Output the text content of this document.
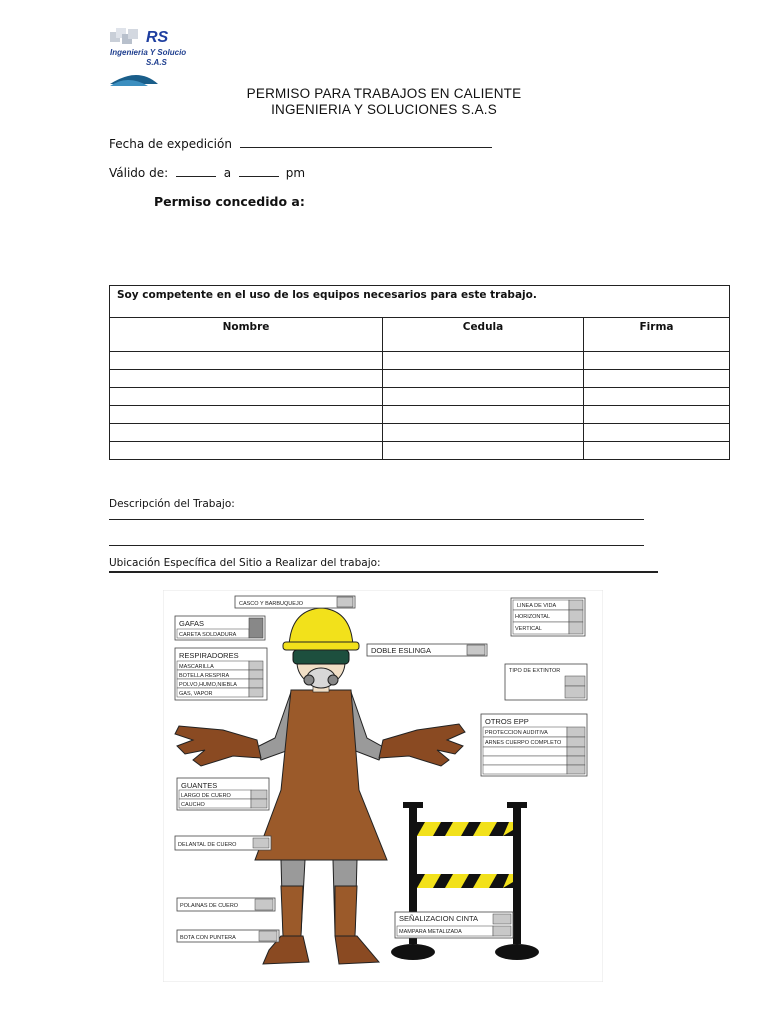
RS
Ingenieria Y Solucio
S.A.S
PERMISO PARA TRABAJOS EN CALIENTE
INGENIERIA Y SOLUCIONES S.A.S
Fecha de expedición
Válido de:	a	pm
Permiso concedido a:
Soy competente en el uso de los equipos necesarios para este trabajo.		
Nombre	Cedula	Firma

Descripción del Trabajo:
Ubicación Específica del Sitio a Realizar del trabajo:
CASCO Y BARBUQUEJO
GAFAS
CARETA SOLDADURA
RESPIRADORES
MASCARILLA
BOTELLA RESPIRA
POLVO,HUMO,NIEBLA
GAS, VAPOR
DOBLE ESLINGA
LINEA DE VIDA
HORIZONTAL
VERTICAL
TIPO DE EXTINTOR
OTROS EPP
PROTECCION AUDITIVA
ARNES CUERPO COMPLETO
GUANTES
LARGO DE CUERO
CAUCHO
DELANTAL DE CUERO
POLAINAS DE CUERO
BOTA CON PUNTERA
SEÑALIZACION CINTA
MAMPARA METALIZADA
